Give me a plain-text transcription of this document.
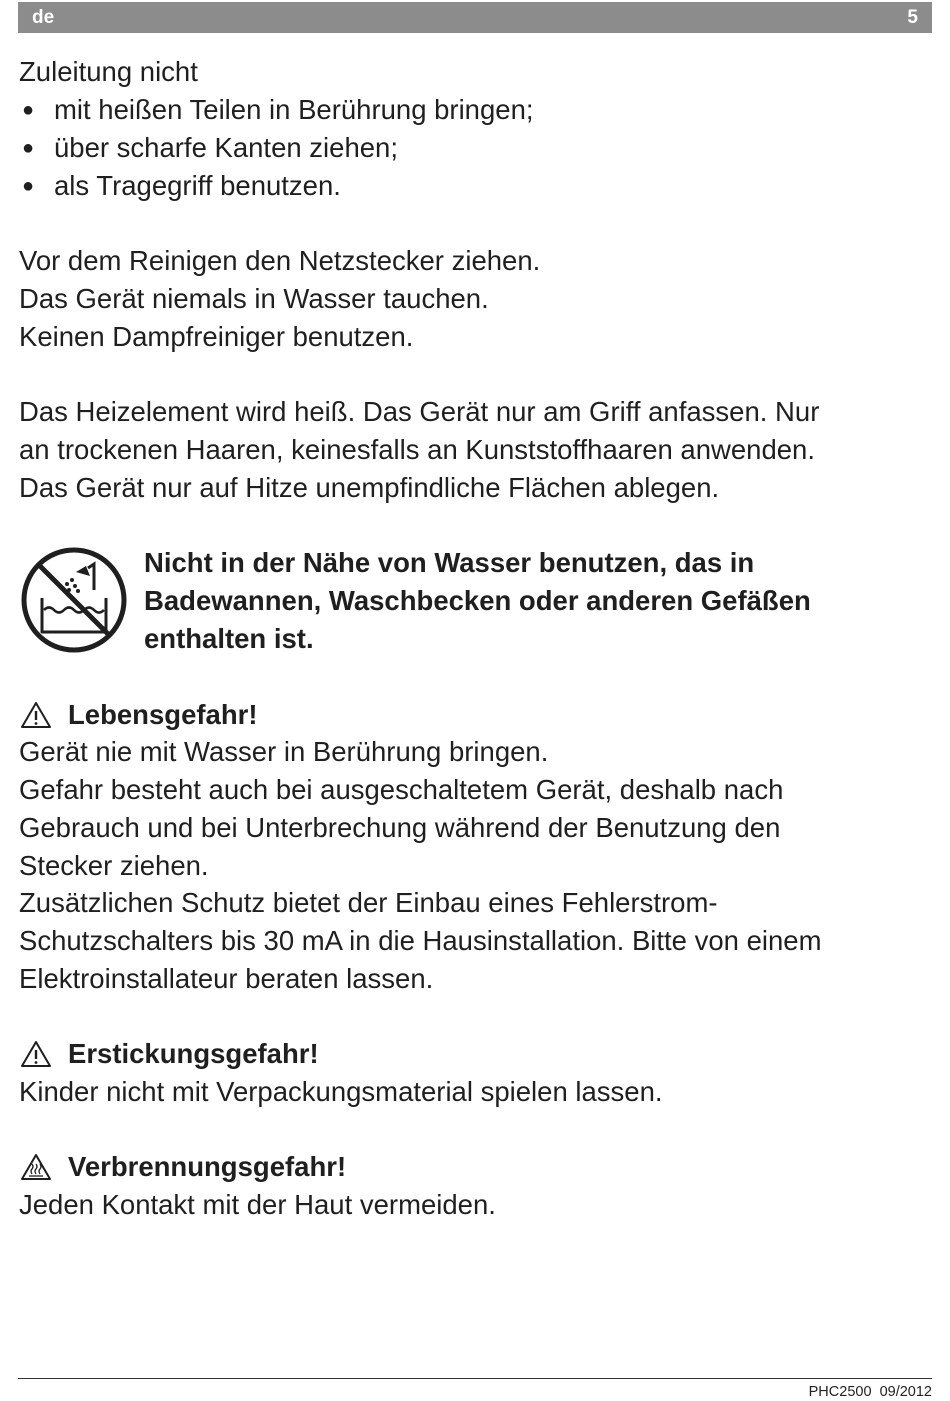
de	5
Zuleitung nicht
● mit heißen Teilen in Berührung bringen;
● über scharfe Kanten ziehen;
● als Tragegriff benutzen.
Vor dem Reinigen den Netzstecker ziehen.
Das Gerät niemals in Wasser tauchen.
Keinen Dampfreiniger benutzen.
Das Heizelement wird heiß. Das Gerät nur am Griff anfassen. Nur
an trockenen Haaren, keinesfalls an Kunststoffhaaren anwenden.
Das Gerät nur auf Hitze unempfindliche Flächen ablegen.
Nicht in der Nähe von Wasser benutzen, das in
Badewannen, Waschbecken oder anderen Gefäßen
enthalten ist.
Lebensgefahr!
Gerät nie mit Wasser in Berührung bringen.
Gefahr besteht auch bei ausgeschaltetem Gerät, deshalb nach
Gebrauch und bei Unterbrechung während der Benutzung den
Stecker ziehen.
Zusätzlichen Schutz bietet der Einbau eines Fehlerstrom-
Schutzschalters bis 30 mA in die Hausinstallation. Bitte von einem
Elektroinstallateur beraten lassen.
Erstickungsgefahr!
Kinder nicht mit Verpackungsmaterial spielen lassen.
Verbrennungsgefahr!
Jeden Kontakt mit der Haut vermeiden.
PHC2500 09/2012
